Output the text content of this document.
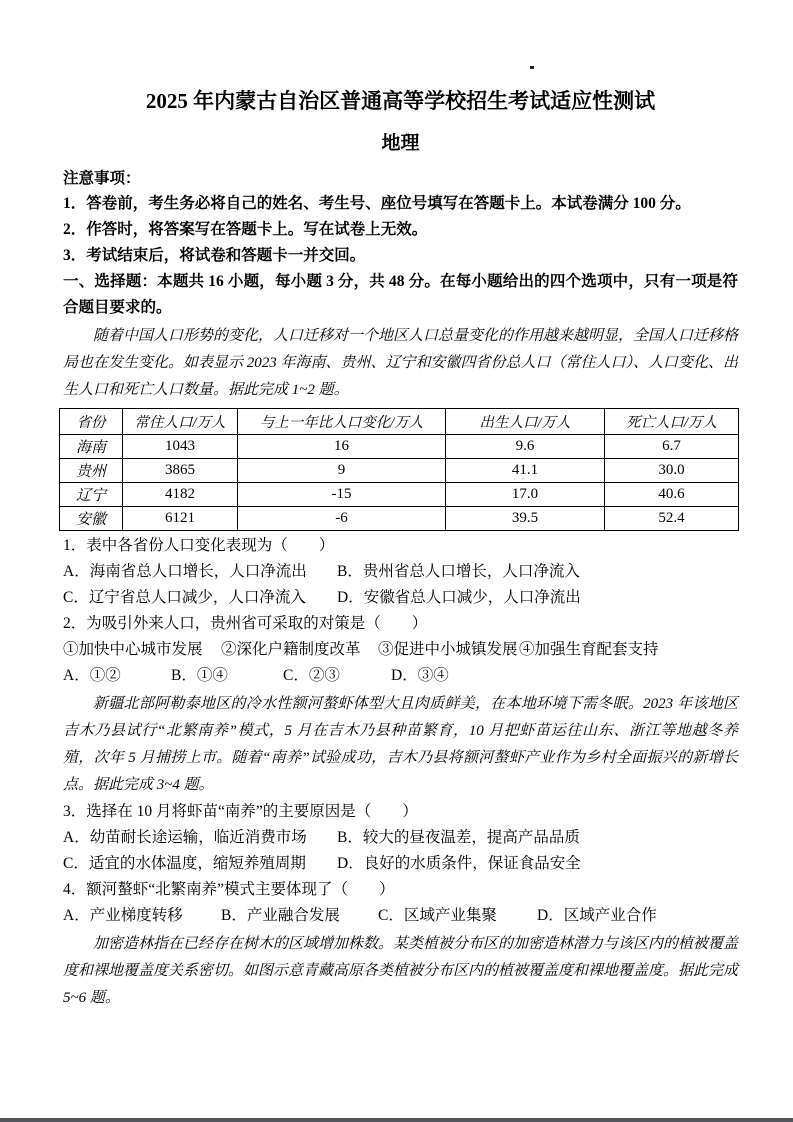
2025 年内蒙古自治区普通高等学校招生考试适应性测试
地理
注意事项：
1．答卷前，考生务必将自己的姓名、考生号、座位号填写在答题卡上。本试卷满分 100 分。
2．作答时，将答案写在答题卡上。写在试卷上无效。
3．考试结束后，将试卷和答题卡一并交回。
一、选择题：本题共 16 小题，每小题 3 分，共 48 分。在每小题给出的四个选项中，只有一项是符合题目要求的。

随着中国人口形势的变化，人口迁移对一个地区人口总量变化的作用越来越明显，全国人口迁移格局也在发生变化。如表显示 2023 年海南、贵州、辽宁和安徽四省份总人口（常住人口）、人口变化、出生人口和死亡人口数量。据此完成 1~2 题。

省份	常住人口/万人	与上一年比人口变化/万人	出生人口/万人	死亡人口/万人
海南	1043	16	9.6	6.7
贵州	3865	9	41.1	30.0
辽宁	4182	-15	17.0	40.6
安徽	6121	-6	39.5	52.4
1．表中各省份人口变化表现为（　　）
A．海南省总人口增长，人口净流出	B．贵州省总人口增长，人口净流入
C．辽宁省总人口减少，人口净流入	D．安徽省总人口减少，人口净流出
2．为吸引外来人口，贵州省可采取的对策是（　　）
①加快中心城市发展	②深化户籍制度改革	③促进中小城镇发展 ④加强生育配套支持
A．①②	B．①④	C．②③	D．③④

新疆北部阿勒泰地区的冷水性额河螯虾体型大且肉质鲜美，在本地环境下需冬眠。2023 年该地区吉木乃县试行“北繁南养”模式，5 月在吉木乃县种苗繁育，10 月把虾苗运往山东、浙江等地越冬养殖，次年 5 月捕捞上市。随着“南养”试验成功，吉木乃县将额河螯虾产业作为乡村全面振兴的新增长点。据此完成 3~4 题。

3．选择在 10 月将虾苗“南养”的主要原因是（　　）
A．幼苗耐长途运输，临近消费市场	B．较大的昼夜温差，提高产品品质
C．适宜的水体温度，缩短养殖周期	D．良好的水质条件，保证食品安全
4．额河螯虾“北繁南养”模式主要体现了（　　）
A．产业梯度转移	B．产业融合发展	C．区域产业集聚	D．区域产业合作

加密造林指在已经存在树木的区域增加株数。某类植被分布区的加密造林潜力与该区内的植被覆盖度和裸地覆盖度关系密切。如图示意青藏高原各类植被分布区内的植被覆盖度和裸地覆盖度。据此完成 5~6 题。
